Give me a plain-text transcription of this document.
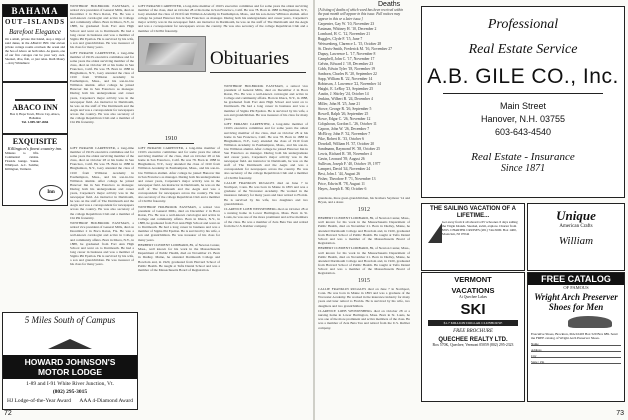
BAHAMA
OUT–ISLANDS
Barefoot Elegance
On a small, private Out Island, atop a ridge of sand dunes, in the ABACO INN. Our eleven private cottage rooms overlook the ocean and the Sea of Abaco on both sides. As guests, one of our five cottages can be your very own. Snorkel, dive, fish, or just relax. Ruth Maury—Jerry Whitehurst
ABACO INN
Box 0, Hope Town, Elbow Cay, Abaco, Bahamas
Tel. 1-809-367-2666
EXQUISITE
Killington's finest country inn.
Minutes to lifts. Continental cuisine. Fireside lounge. Sauna. Whirlpool. A.C. Saddler, Killington, Vermont.
Inn

WINTHROP HOLBROOK EASTMAN, a retired vice president of General Mills, died on December 2 in Boca Raton, Fla. He was a well-known cartologist and active in College and community affairs. Born in Ithaca, N.Y., in 1888, he graduated from Fort Ann High School and went on to Dartmouth. He had a long career in business and was a member of Sigma Phi Epsilon. He is survived by his wife, a son and grandchildren. He was treasurer of his class for many years.

GIFT ERRAND CARPENTER, a long-time member of 1910's executive committee and for some years the oldest surviving member of the class, died on October 28 at his home in San Francisco, Calif. He was 78. Born in 1888 in Binghamton, N.Y., Gary attended the class of 1910 from Williston Academy in Easthampton, Mass., and his son-in-law Williston alumni. After college he joined Hanover Inn in San Francisco as manager. During both his undergraduate and career years, Carpenter's major activity was in the newspaper field. An instructor in Dartmouth, he was on the staff of The Dartmouth and the Aegis and was a correspondent for newspapers across the country. He was also secretary of the college Republican Club and a member of Chi Phi fraternity.

GIFT ERRAND CARPENTER, a long-time member of 1910's executive committee and for some years the oldest surviving member of the class, died on October 28 at his home in San Francisco, Calif. He was 78. Born in 1888 in Binghamton, N.Y., Gary attended the class of 1910 from Williston Academy in Easthampton, Mass., and his son-in-law Williston alumni. After college he joined Hanover Inn in San Francisco as manager. During both his undergraduate and career years, Carpenter's major activity was in the newspaper field. An instructor in Dartmouth, he was on the staff of The Dartmouth and the Aegis and was a correspondent for newspapers across the country. He was also secretary of the college Republican Club and a member of Chi Phi fraternity.

Obituaries
1910

GIFT ERRAND CARPENTER, a long-time member of 1910's executive committee and for some years the oldest surviving member of the class, died on October 28 at his home in San Francisco, Calif. He was 78. Born in 1888 in Binghamton, N.Y., Gary attended the class of 1910 from Williston Academy in Easthampton, Mass., and his son-in-law Williston alumni. After college he joined Hanover Inn in San Francisco as manager. During both his undergraduate and career years, Carpenter's major activity was in the newspaper field. An instructor in Dartmouth, he was on the staff of The Dartmouth and the Aegis and was a correspondent for newspapers across the country. He was also secretary of the college Republican Club and a member of Chi Phi fraternity.

WINTHROP HOLBROOK EASTMAN, a retired vice president of General Mills, died on December 2 in Boca Raton, Fla. He was a well-known cartologist and active in College and community affairs. Born in Ithaca, N.Y., in 1888, he graduated from Fort Ann High School and went on to Dartmouth. He had a long career in business and was a member of Sigma Phi Epsilon. He is survived by his wife, a son and grandchildren. He was treasurer of his class for many years.

GIFT ERRAND CARPENTER, a long-time member of 1910's executive committee and for some years the oldest surviving member of the class, died on October 28 at his home in San Francisco, Calif. He was 78. Born in 1888 in Binghamton, N.Y., Gary attended the class of 1910 from Williston Academy in Easthampton, Mass., and his son-in-law Williston alumni. After college he joined Hanover Inn in San Francisco as manager. During both his undergraduate and career years, Carpenter's major activity was in the newspaper field. An instructor in Dartmouth, he was on the staff of The Dartmouth and the Aegis and was a correspondent for newspapers across the country. He was also secretary of the college Republican Club and a member of Chi Phi fraternity.

WINTHROP HOLBROOK EASTMAN, a retired vice president of General Mills, died on December 2 in Boca Raton, Fla. He was a well-known cartologist and active in College and community affairs. Born in Ithaca, N.Y., in 1888, he graduated from Fort Ann High School and went on to Dartmouth. He had a long career in business and was a member of Sigma Phi Epsilon. He is survived by his wife, a son and grandchildren. He was treasurer of his class for many years.

HERBERT CLEMENT LOMBARD, 89, of Newton Center, Mass., well known for his work in the Massachusetts Department of Public Health, died on November 21. Born in Dudley, Maine, he attended Dartmouth College and Bowdoin and, in 1920, graduated from Harvard School of Public Health. He taught at Tufts Dental School and was a member of the Massachusetts Board of Registration.

WINTHROP HOLBROOK EASTMAN, a retired vice president of General Mills, died on December 2 in Boca Raton, Fla. He was a well-known cartologist and active in College and community affairs. Born in Ithaca, N.Y., in 1888, he graduated from Fort Ann High School and went on to Dartmouth. He had a long career in business and was a member of Sigma Phi Epsilon. He is survived by his wife, a son and grandchildren. He was treasurer of his class for many years.

GIFT ERRAND CARPENTER, a long-time member of 1910's executive committee and for some years the oldest surviving member of the class, died on October 28 at his home in San Francisco, Calif. He was 78. Born in 1888 in Binghamton, N.Y., Gary attended the class of 1910 from Williston Academy in Easthampton, Mass., and his son-in-law Williston alumni. After college he joined Hanover Inn in San Francisco as manager. During both his undergraduate and career years, Carpenter's major activity was in the newspaper field. An instructor in Dartmouth, he was on the staff of The Dartmouth and the Aegis and was a correspondent for newspapers across the country. He was also secretary of the college Republican Club and a member of Chi Phi fraternity.

CALLIE FRANKLIN RUGGLES died on June 7 in Northport, Conn. He was born in Maine in 1893 and was a graduate of the Worcester Academy. He worked in the insurance industry for many years and later retired to Florida. He is survived by his wife, two daughters and two grandchildren.

CLARENCE LOEB WEISSENBERG died on October 28 at a nursing home in Lower Burlington, Mass. Born in St. Louis, he was one of the more prominent and active members of the class. He was a member of Zeta Beta Tau and retired from the U.S. Rubber company.

5 Miles South of Campus
HOWARD JOHNSON'S
MOTOR LODGE
1-89 and I-91 White River Junction, Vt.
(802) 295-3015
HJ Lodge-of-the-Year Award AAA 4-Diamond Award
72
Deaths
[A listing of deaths of which word has been received within the past month will appear in this issue. Full notices may appear in this or a later issue.]
Carpenter, Gay W. '10, November 23
Eastman, Whitney H. '10, December 2
Lombard, H. C. '12, November 21
Ruggles, Clyde F. '15, June 7
Weissenberg, Clarence L. '15, October 28
St. Davis-Smith, Frederick M. '16, November 27
Dupuy, Lawrence L. '17, November 8
Campbell, John C. '17, November 17
Gelvin, Edward J. '18, December 23
Cobb, Edwin Tyler '18, November 19
Sanborn, Charles B. '20, September 22
Sapp, William R. '22, November 14
Robinson, J. Lawrence '22, November 14
Haight, E. LeRoy '23, September 25
Austin, J. Shirley '24, October 14
Jenkins, Wilbert B. '24, December 4
Miller, John H. '25, June 21
Stowe, George R. '26, September 5
Rowell, Ralph '26, September 25
Rowe, Edgar C. '26, November 12
Colquhoun, Gordon L. '26, October 11
Capron, John W. '26, December 7
McElroy, John P. '32, November 7
Pike, Robert K. '33, October 6
Dowdall, William H. '37, October 20
Sandmann, Raymond W. '38, October 25
Lewis, Richard R. '38, November 4
Gavin, Leonard '39, August 26
Sullivan, Joseph F. '40, October 19, 1977
Lampert, David '44, November 24
Best, John J. '44, August 26
Fisher, Theodore F. '71, November 13
Price, Edwin H. '78, August 11
Hayes, Joseph E. '80, October 6

grandsons, three great-grandchildren, his brothers Seymour '14 and Bryan, and a sister.

1912

HERBERT CLEMENT LOMBARD, 89, of Newton Center, Mass., well known for his work in the Massachusetts Department of Public Health, died on November 21. Born in Dudley, Maine, he attended Dartmouth College and Bowdoin and, in 1920, graduated from Harvard School of Public Health. He taught at Tufts Dental School and was a member of the Massachusetts Board of Registration.

HERBERT CLEMENT LOMBARD, 89, of Newton Center, Mass., well known for his work in the Massachusetts Department of Public Health, died on November 21. Born in Dudley, Maine, he attended Dartmouth College and Bowdoin and, in 1920, graduated from Harvard School of Public Health. He taught at Tufts Dental School and was a member of the Massachusetts Board of Registration.

1915

CALLIE FRANKLIN RUGGLES died on June 7 in Northport, Conn. He was born in Maine in 1893 and was a graduate of the Worcester Academy. He worked in the insurance industry for many years and later retired to Florida. He is survived by his wife, two daughters and two grandchildren.

CLARENCE LOEB WEISSENBERG died on October 28 at a nursing home in Lower Burlington, Mass. Born in St. Louis, he was one of the more prominent and active members of the class. He was a member of Zeta Beta Tau and retired from the U.S. Rubber company.

Professional
Real Estate Service
A.B. GILE CO., Inc.
Main Street
Hanover, N.H. 03755
603-643-4540
Real Estate - Insurance
Since 1871
THE SAILING VACATION OF A LIFETIME...
Get away from it all aboard a 65' schooner. 6 days sailing the Virgin Islands. Snorkel, swim, explore. Charter from $595. CHARTER CRUISES (201) 744-5600. Box 1400, Montclair, NJ 07042
Unique
American Crafts
William
VERMONT
VACATIONS
At Quechee Lakes
SKI
$1.7 MILLION DOLLAR CLUBHOUSE
FREE BROCHURE
QUECHEE REALTY LTD.
Box 570K, Quechee, Vermont 05059 (802) 295-2323
FREE CATALOG
OF FAMOUS
Wright Arch Preserver Shoes for Men
Executive Shoes, Brockton, MA 02403 Box 520 Box 689. Send me FREE catalog of Wright Arch Preserver Shoes.
Name
Address
City
State / Zip
73
